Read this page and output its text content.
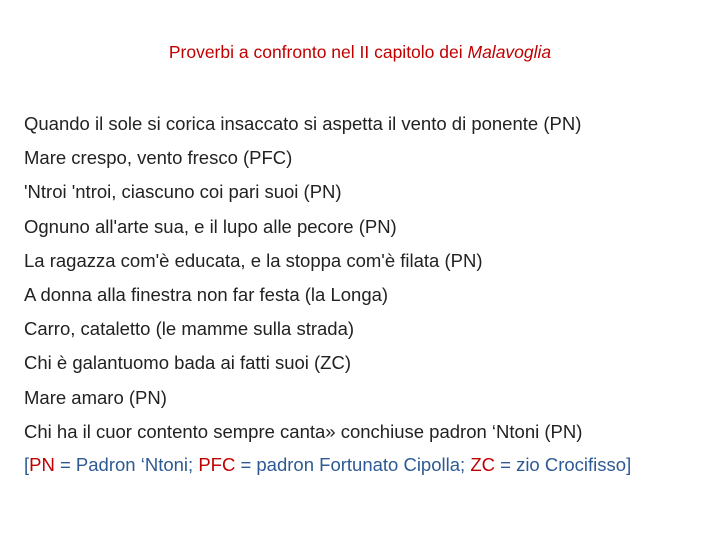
Proverbi a confronto nel II capitolo dei Malavoglia
Quando il sole si corica insaccato si aspetta il vento di ponente (PN)
Mare crespo, vento fresco (PFC)
'Ntroi 'ntroi, ciascuno coi pari suoi (PN)
Ognuno all'arte sua, e il lupo alle pecore (PN)
La ragazza com'è educata, e la stoppa com'è filata (PN)
A donna alla finestra non far festa (la Longa)
Carro, cataletto (le mamme sulla strada)
Chi è galantuomo bada ai fatti suoi (ZC)
Mare amaro (PN)
Chi ha il cuor contento sempre canta» conchiuse padron ‘Ntoni (PN)
[PN = Padron ‘Ntoni; PFC = padron Fortunato Cipolla; ZC = zio Crocifisso]
